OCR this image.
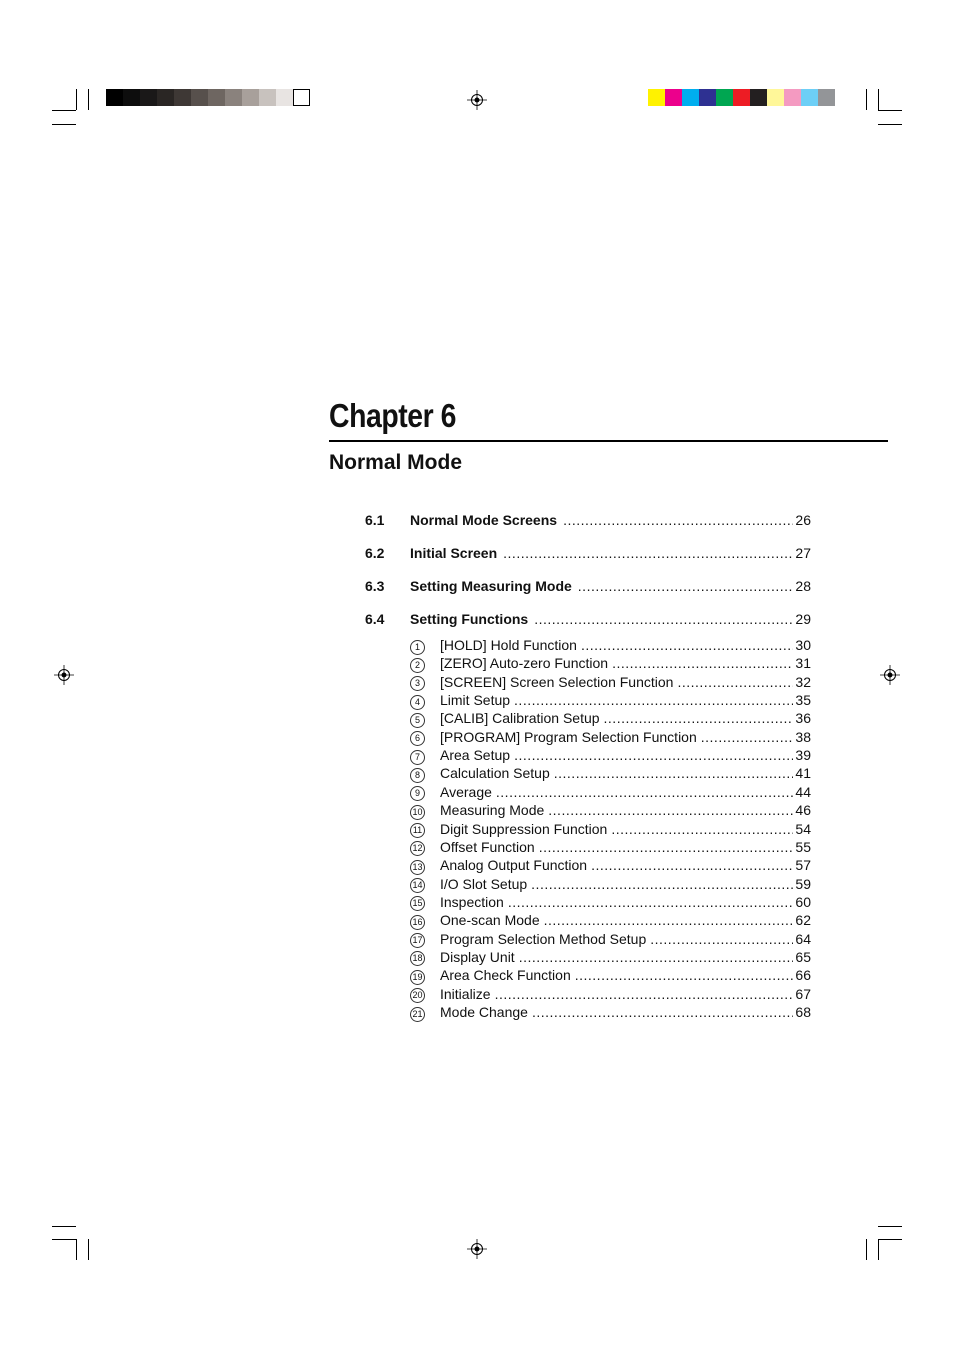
Chapter 6
Normal Mode
6.1	Normal Mode Screens .....	26
6.2	Initial Screen .....	27
6.3	Setting Measuring Mode .....	28
6.4	Setting Functions .....	29
1	[HOLD] Hold Function .....	30
2	[ZERO] Auto-zero Function .....	31
3	[SCREEN] Screen Selection Function .....	32
4	Limit Setup .....	35
5	[CALIB] Calibration Setup .....	36
6	[PROGRAM] Program Selection Function .....	38
7	Area Setup .....	39
8	Calculation Setup .....	41
9	Average .....	44
10 Measuring Mode .....	46
11 Digit Suppression Function .....	54
12 Offset Function .....	55
13 Analog Output Function .....	57
14 I/O Slot Setup .....	59
15 Inspection .....	60
16 One-scan Mode .....	62
17 Program Selection Method Setup .....	64
18 Display Unit .....	65
19 Area Check Function .....	66
20 Initialize .....	67
21 Mode Change .....	68
